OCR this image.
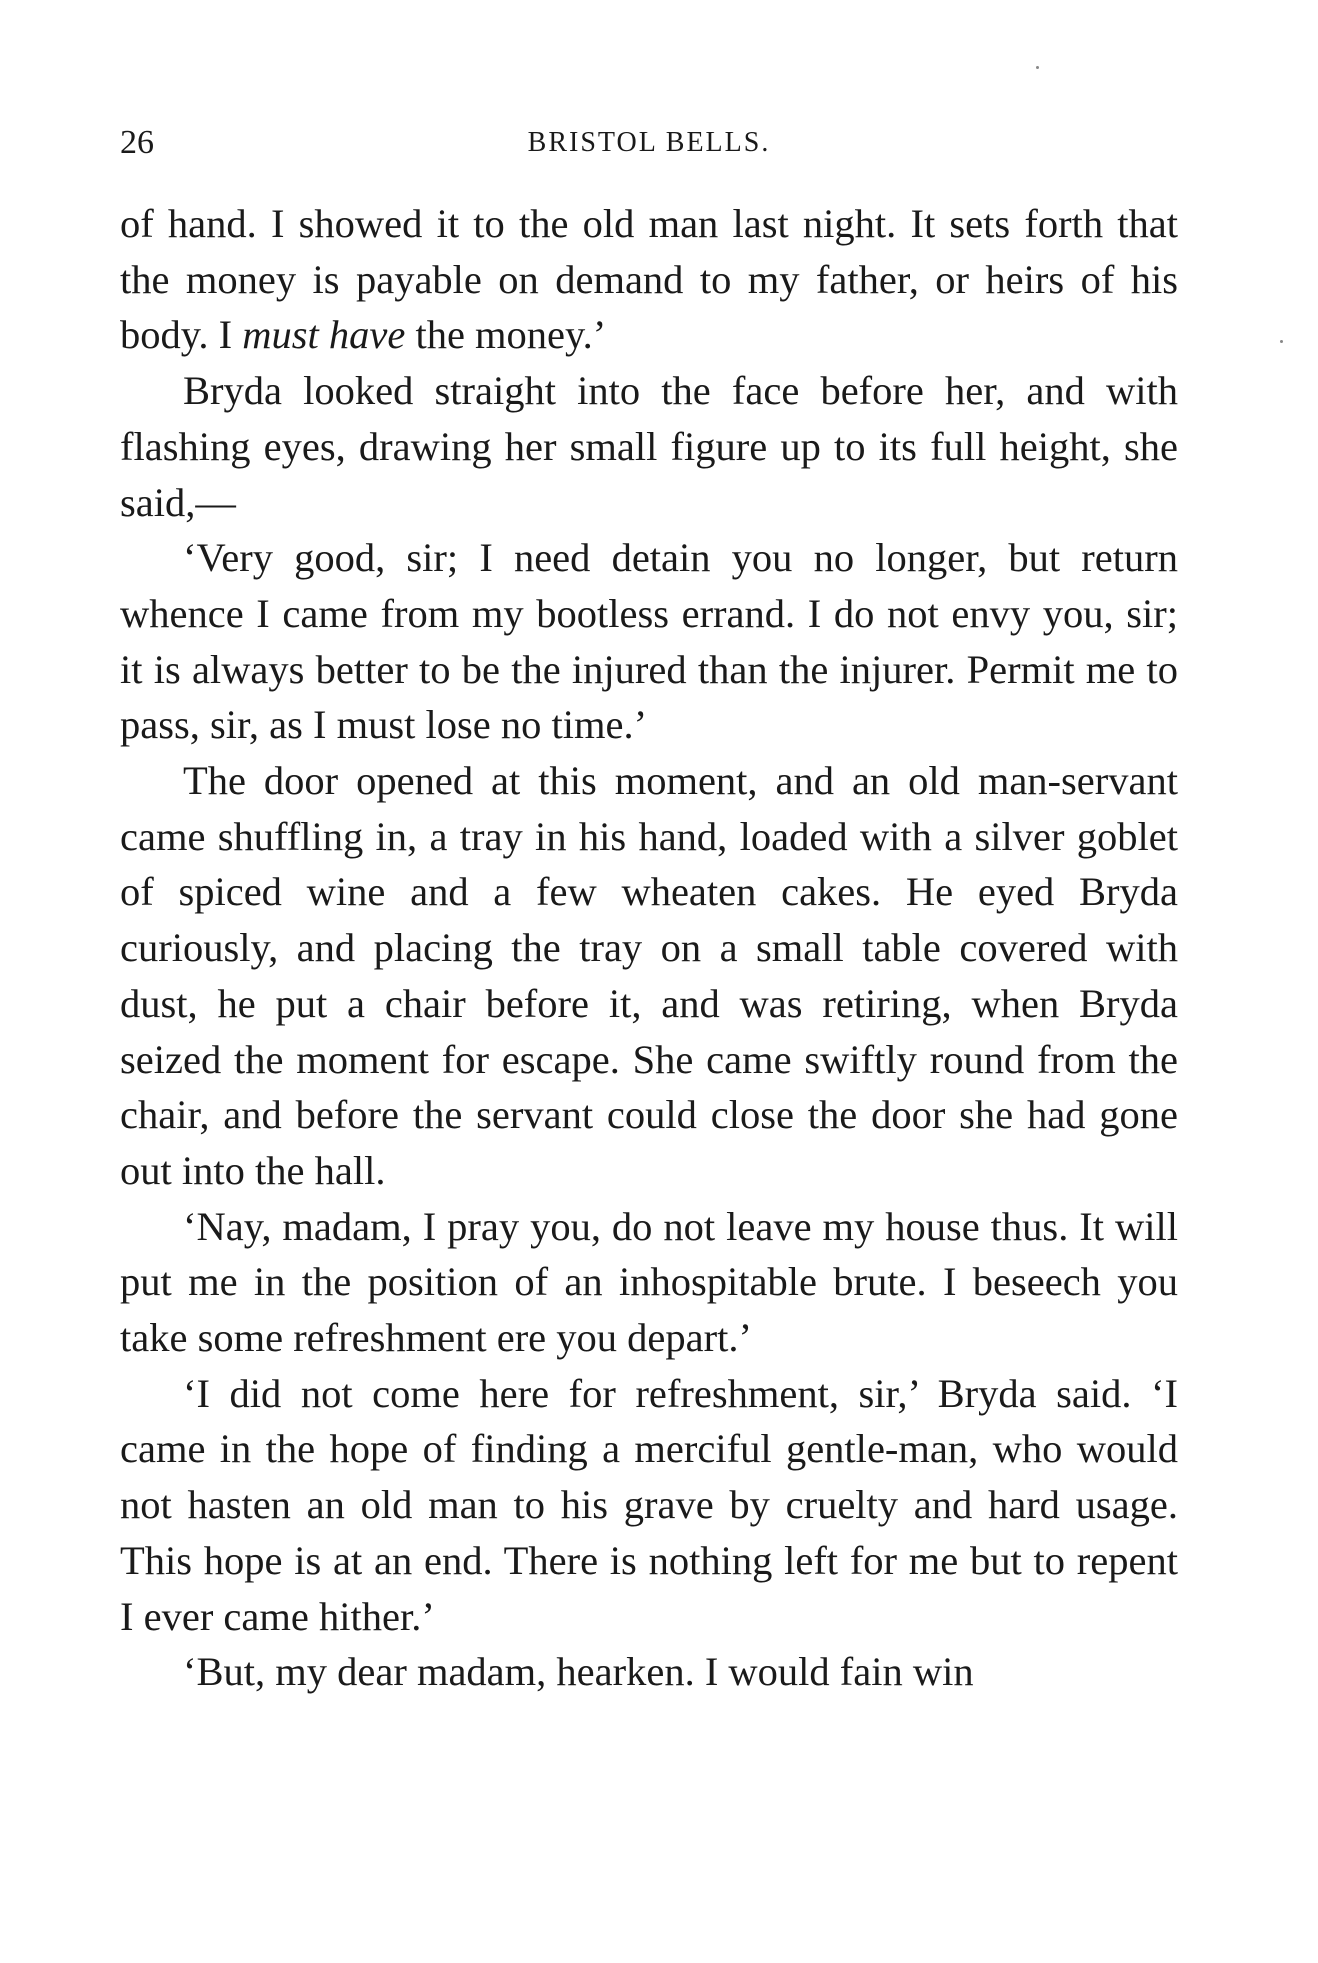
26	BRISTOL BELLS.

of hand. I showed it to the old man last night. It sets forth that the money is payable on demand to my father, or heirs of his body. I must have the money.’

Bryda looked straight into the face before her, and with flashing eyes, drawing her small figure up to its full height, she said,—

‘Very good, sir; I need detain you no longer, but return whence I came from my bootless errand. I do not envy you, sir; it is always better to be the injured than the injurer. Permit me to pass, sir, as I must lose no time.’

The door opened at this moment, and an old man-servant came shuffling in, a tray in his hand, loaded with a silver goblet of spiced wine and a few wheaten cakes. He eyed Bryda curiously, and placing the tray on a small table covered with dust, he put a chair before it, and was retiring, when Bryda seized the moment for escape. She came swiftly round from the chair, and before the servant could close the door she had gone out into the hall.

‘Nay, madam, I pray you, do not leave my house thus. It will put me in the position of an inhospitable brute. I beseech you take some refreshment ere you depart.’

‘I did not come here for refreshment, sir,’ Bryda said. ‘I came in the hope of finding a merciful gentle-man, who would not hasten an old man to his grave by cruelty and hard usage. This hope is at an end. There is nothing left for me but to repent I ever came hither.’

‘But, my dear madam, hearken. I would fain win
